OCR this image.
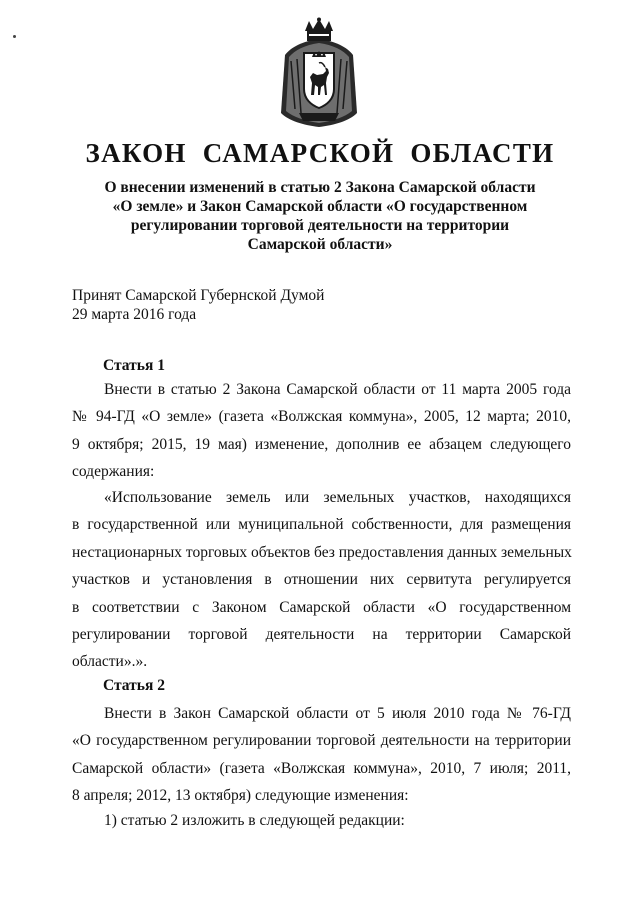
ЗАКОН САМАРСКОЙ ОБЛАСТИ
О внесении изменений в статью 2 Закона Самарской области
«О земле» и Закон Самарской области «О государственном
регулировании торговой деятельности на территории
Самарской области»
Принят Самарской Губернской Думой
29 марта 2016 года
Статья 1
Внести в статью 2 Закона Самарской области от 11 марта 2005 года
№ 94-ГД «О земле» (газета «Волжская коммуна», 2005, 12 марта; 2010,
9 октября; 2015, 19 мая) изменение, дополнив ее абзацем следующего
содержания:
«Использование земель или земельных участков, находящихся
в государственной или муниципальной собственности, для размещения
нестационарных торговых объектов без предоставления данных земельных
участков и установления в отношении них сервитута регулируется
в соответствии с Законом Самарской области «О государственном
регулировании торговой деятельности на территории Самарской
области».».
Статья 2
Внести в Закон Самарской области от 5 июля 2010 года № 76-ГД
«О государственном регулировании торговой деятельности на территории
Самарской области» (газета «Волжская коммуна», 2010, 7 июля; 2011,
8 апреля; 2012, 13 октября) следующие изменения:
1) статью 2 изложить в следующей редакции:
